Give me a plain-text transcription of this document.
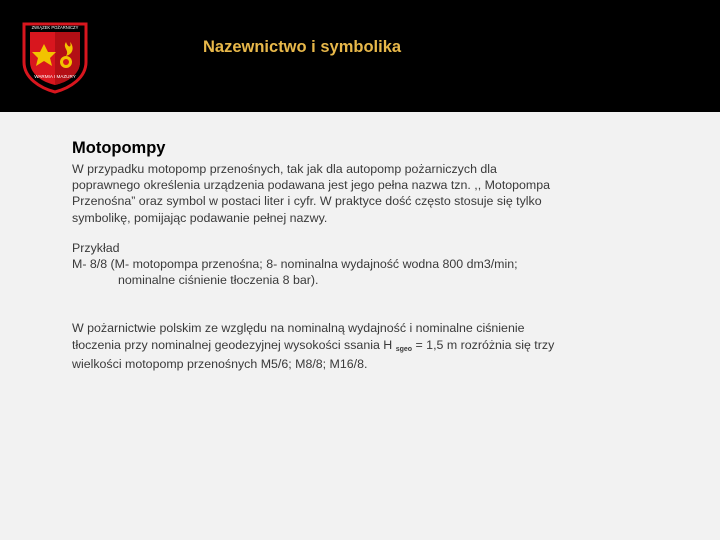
ZWIĄZEK POŻARNICZY
WARMIA I MAZURY
Nazewnictwo i symbolika
Motopompy
W przypadku motopomp przenośnych, tak jak dla autopomp pożarniczych dla
poprawnego określenia urządzenia podawana jest jego pełna nazwa tzn. ,, Motopompa
Przenośna” oraz symbol w postaci liter i cyfr. W praktyce dość często stosuje się tylko
symbolikę, pomijając podawanie pełnej nazwy.
Przykład
M- 8/8 (M- motopompa przenośna; 8- nominalna wydajność wodna 800 dm3/min;
nominalne ciśnienie tłoczenia 8 bar).
W pożarnictwie polskim ze względu na nominalną wydajność i nominalne ciśnienie
tłoczenia przy nominalnej geodezyjnej wysokości ssania H sgeo = 1,5 m rozróżnia się trzy
wielkości motopomp przenośnych M5/6; M8/8; M16/8.
